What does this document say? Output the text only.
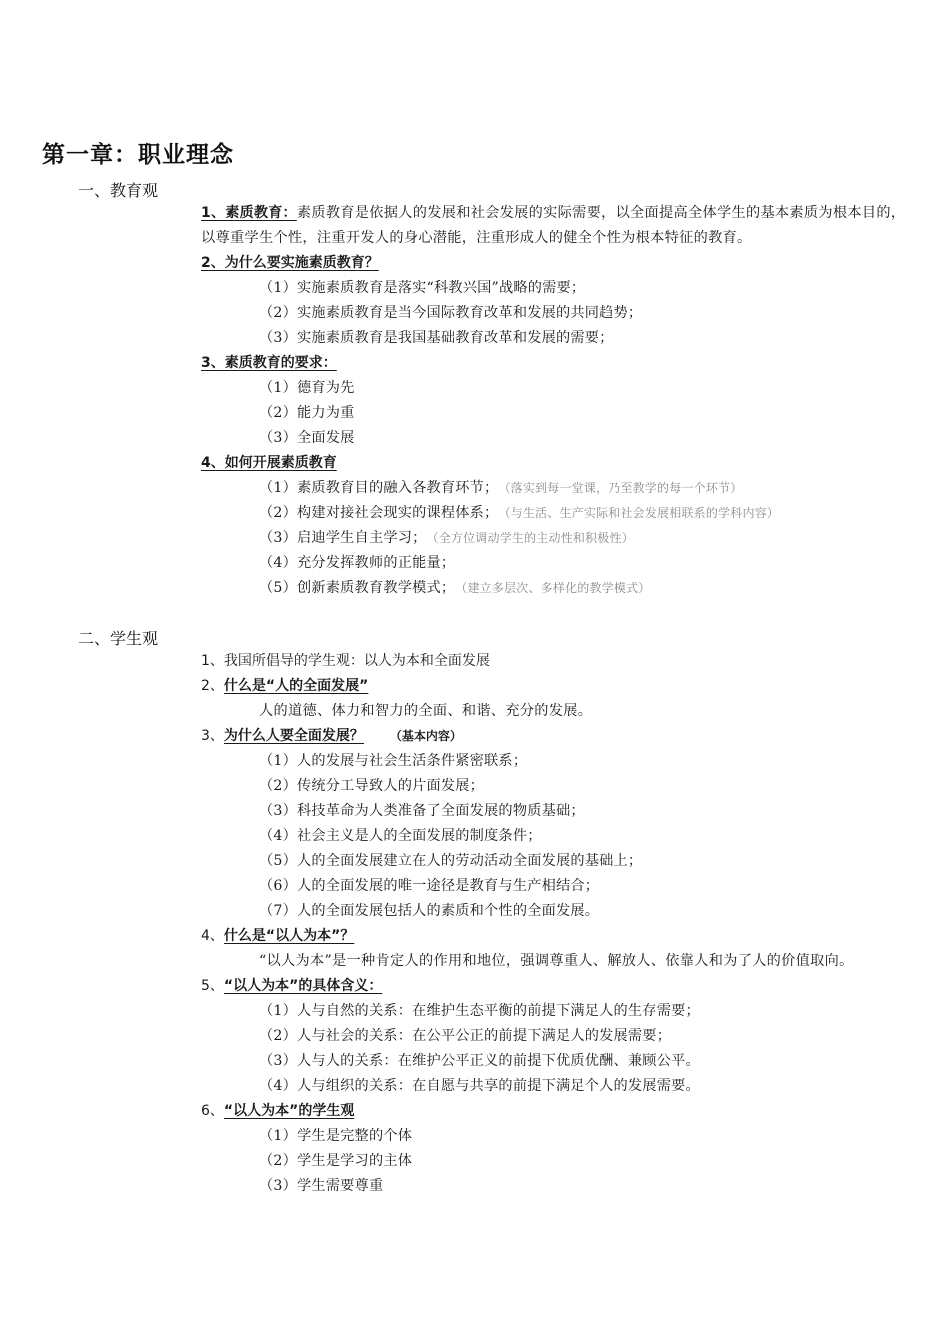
第一章：职业理念
一、教育观
1、素质教育：素质教育是依据人的发展和社会发展的实际需要，以全面提高全体学生的基本素质为根本目的，以尊重学生个性，注重开发人的身心潜能，注重形成人的健全个性为根本特征的教育。
2、为什么要实施素质教育？
（1）实施素质教育是落实“科教兴国”战略的需要；
（2）实施素质教育是当今国际教育改革和发展的共同趋势；
（3）实施素质教育是我国基础教育改革和发展的需要；
3、素质教育的要求：
（1）德育为先
（2）能力为重
（3）全面发展
4、如何开展素质教育
（1）素质教育目的融入各教育环节； （落实到每一堂课，乃至教学的每一个环节）
（2）构建对接社会现实的课程体系； （与生活、生产实际和社会发展相联系的学科内容）
（3）启迪学生自主学习； （全方位调动学生的主动性和积极性）
（4）充分发挥教师的正能量；
（5）创新素质教育教学模式； （建立多层次、多样化的教学模式）
二、学生观
1、我国所倡导的学生观：以人为本和全面发展
2、什么是“人的全面发展”
人的道德、体力和智力的全面、和谐、充分的发展。
3、为什么人要全面发展？ （基本内容）
（1）人的发展与社会生活条件紧密联系；
（2）传统分工导致人的片面发展；
（3）科技革命为人类准备了全面发展的物质基础；
（4）社会主义是人的全面发展的制度条件；
（5）人的全面发展建立在人的劳动活动全面发展的基础上；
（6）人的全面发展的唯一途径是教育与生产相结合；
（7）人的全面发展包括人的素质和个性的全面发展。
4、什么是“以人为本”？
“以人为本”是一种肯定人的作用和地位，强调尊重人、解放人、依靠人和为了人的价值取向。
5、“以人为本”的具体含义：
（1）人与自然的关系：在维护生态平衡的前提下满足人的生存需要；
（2）人与社会的关系：在公平公正的前提下满足人的发展需要；
（3）人与人的关系：在维护公平正义的前提下优质优酬、兼顾公平。
（4）人与组织的关系：在自愿与共享的前提下满足个人的发展需要。
6、“以人为本”的学生观
（1）学生是完整的个体
（2）学生是学习的主体
（3）学生需要尊重
